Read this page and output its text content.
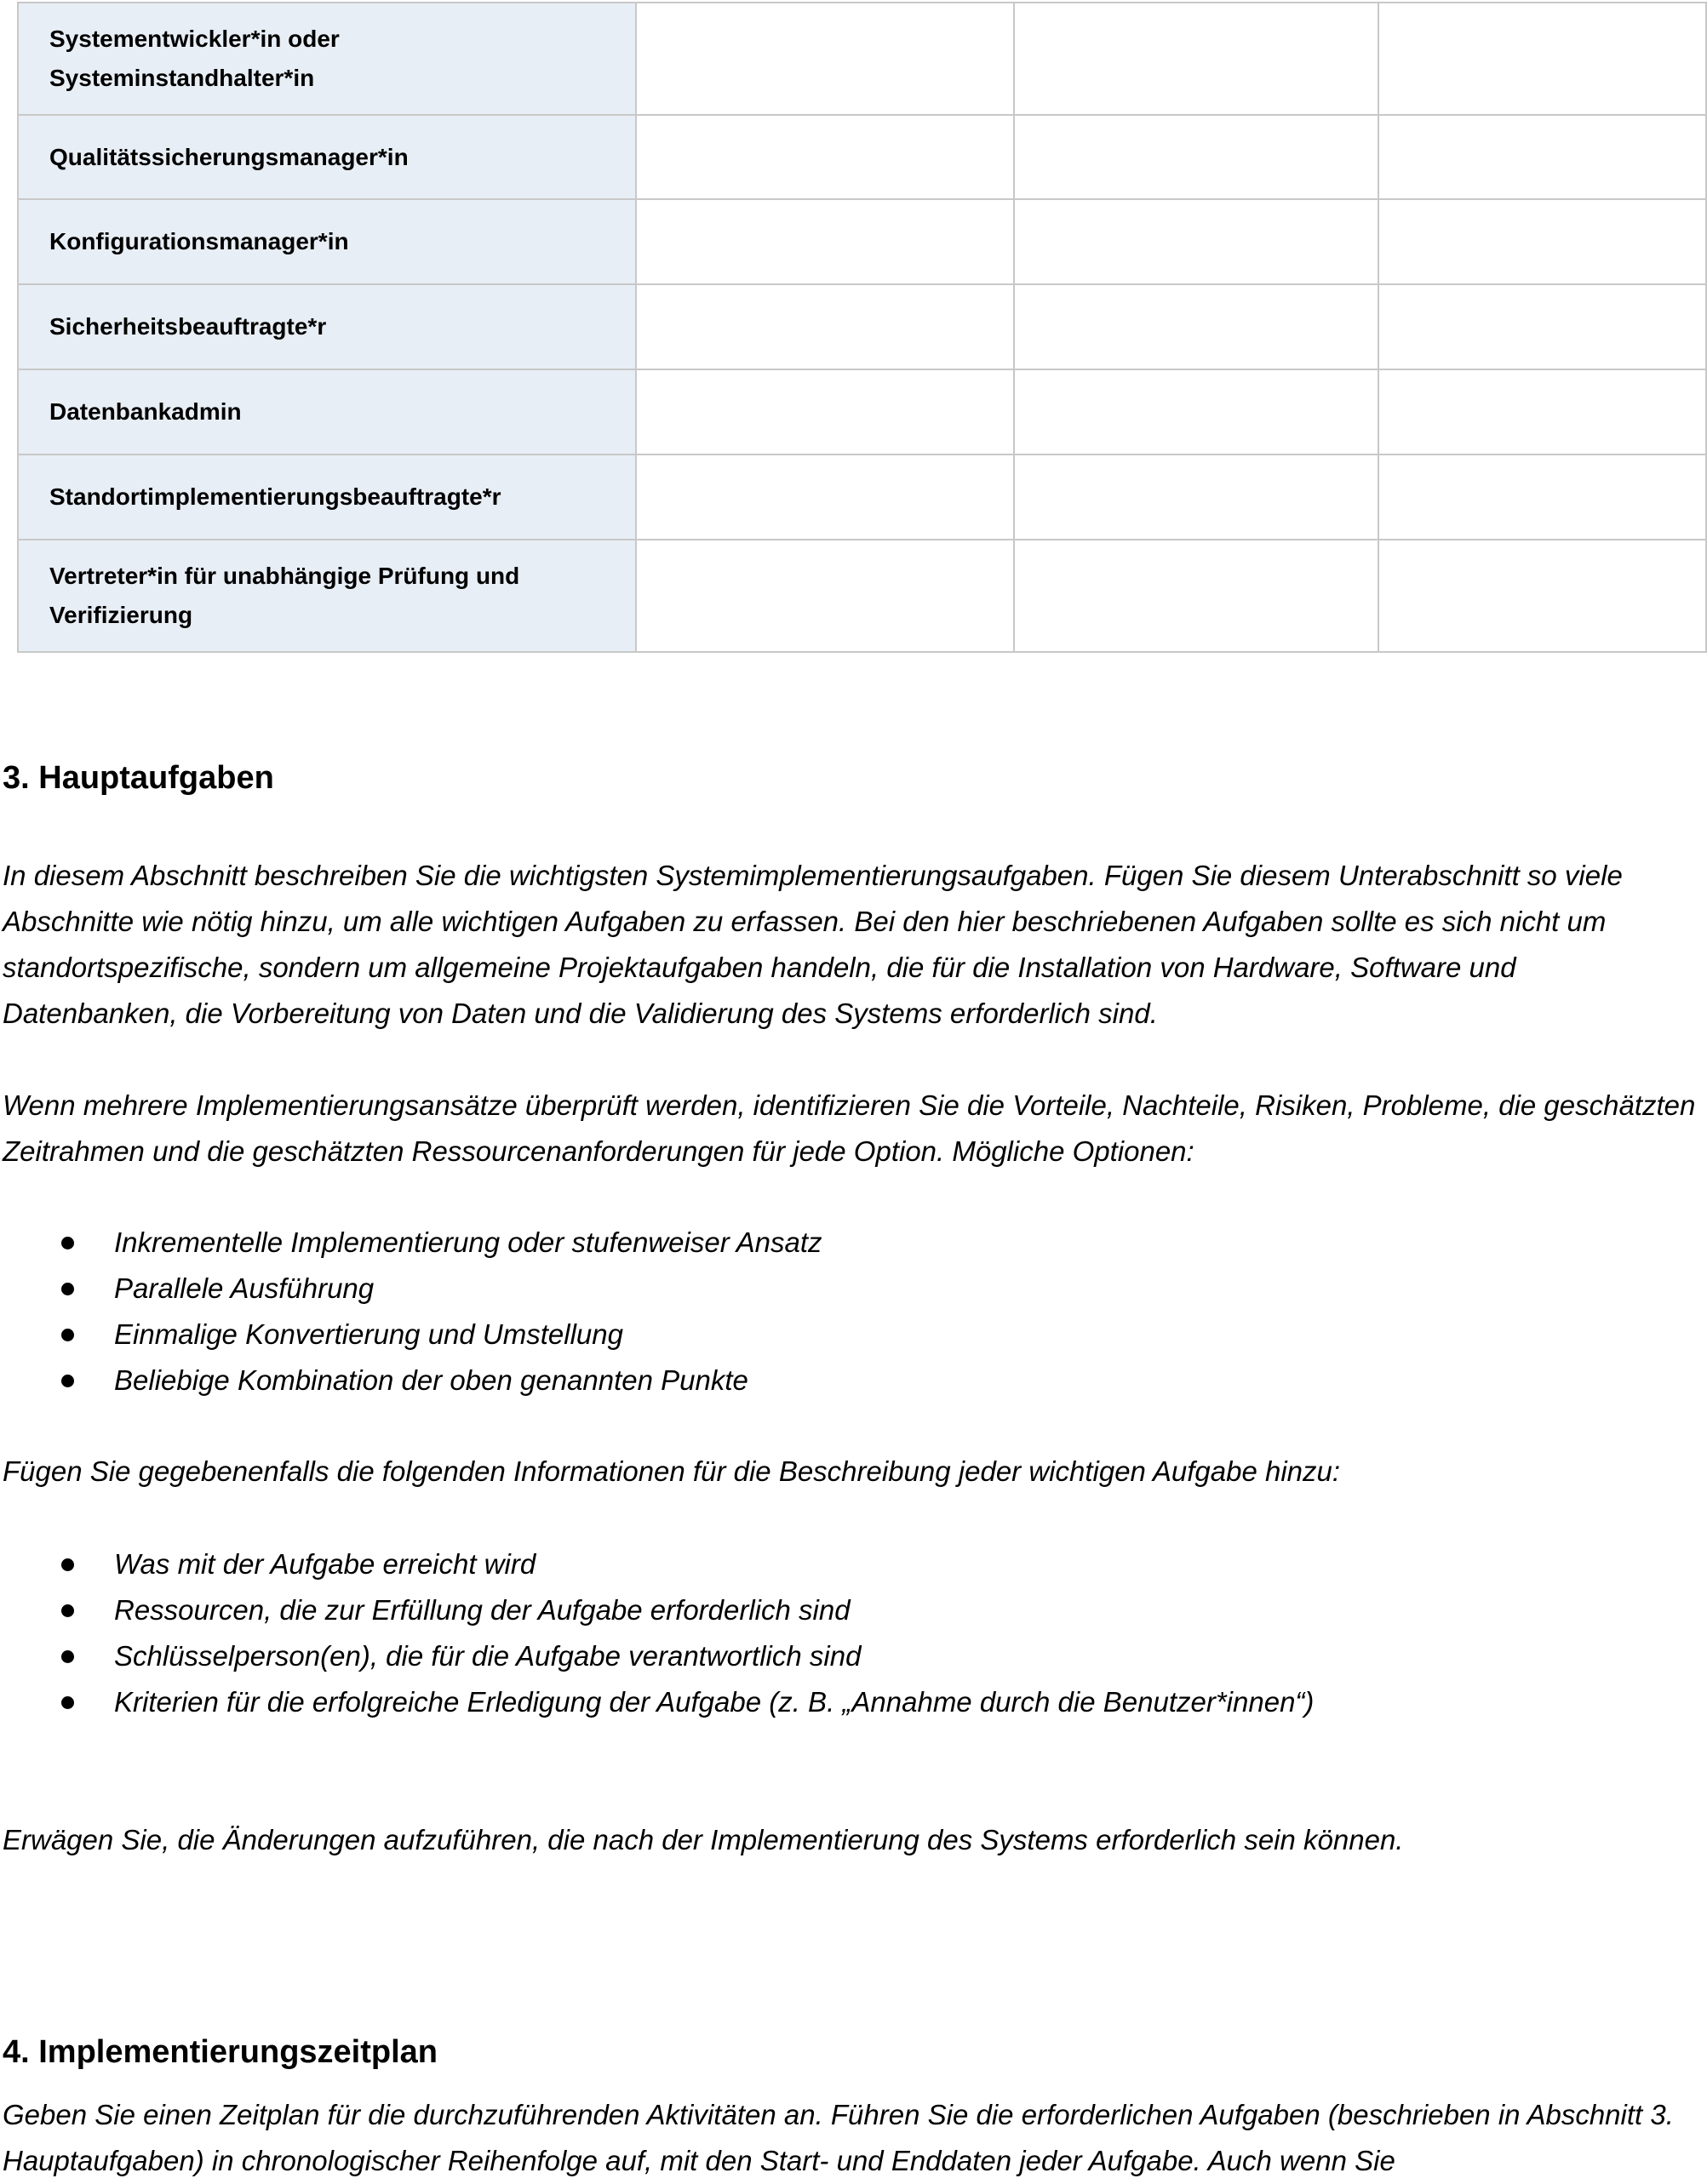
Systementwickler*in oder
Systeminstandhalter*in			
Qualitätssicherungsmanager*in			
Konfigurationsmanager*in			
Sicherheitsbeauftragte*r			
Datenbankadmin			
Standortimplementierungsbeauftragte*r			
Vertreter*in für unabhängige Prüfung und
Verifizierung			
3. Hauptaufgaben

In diesem Abschnitt beschreiben Sie die wichtigsten Systemimplementierungsaufgaben. Fügen Sie diesem Unterabschnitt so viele Abschnitte wie nötig hinzu, um alle wichtigen Aufgaben zu erfassen. Bei den hier beschriebenen Aufgaben sollte es sich nicht um standortspezifische, sondern um allgemeine Projektaufgaben handeln, die für die Installation von Hardware, Software und Datenbanken, die Vorbereitung von Daten und die Validierung des Systems erforderlich sind.

Wenn mehrere Implementierungsansätze überprüft werden, identifizieren Sie die Vorteile, Nachteile, Risiken, Probleme, die geschätzten Zeitrahmen und die geschätzten Ressourcenanforderungen für jede Option. Mögliche Optionen:

Inkrementelle Implementierung oder stufenweiser Ansatz
Parallele Ausführung
Einmalige Konvertierung und Umstellung
Beliebige Kombination der oben genannten Punkte

Fügen Sie gegebenenfalls die folgenden Informationen für die Beschreibung jeder wichtigen Aufgabe hinzu:

Was mit der Aufgabe erreicht wird
Ressourcen, die zur Erfüllung der Aufgabe erforderlich sind
Schlüsselperson(en), die für die Aufgabe verantwortlich sind
Kriterien für die erfolgreiche Erledigung der Aufgabe (z. B. „Annahme durch die Benutzer*innen“)

Erwägen Sie, die Änderungen aufzuführen, die nach der Implementierung des Systems erforderlich sein können.

4. Implementierungszeitplan

Geben Sie einen Zeitplan für die durchzuführenden Aktivitäten an. Führen Sie die erforderlichen Aufgaben (beschrieben in Abschnitt 3. Hauptaufgaben) in chronologischer Reihenfolge auf, mit den Start- und Enddaten jeder Aufgabe. Auch wenn Sie
